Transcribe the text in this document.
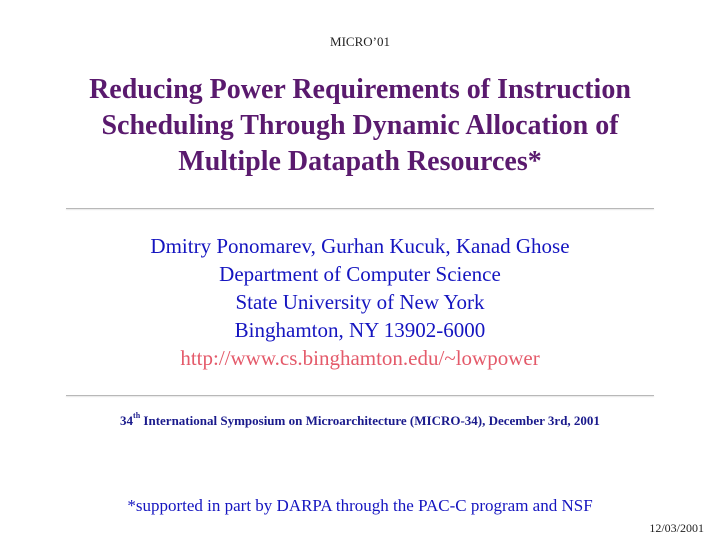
MICRO’01
Reducing Power Requirements of Instruction
Scheduling Through Dynamic Allocation of
Multiple Datapath Resources*
Dmitry Ponomarev, Gurhan Kucuk, Kanad Ghose
Department of Computer Science
State University of New York
Binghamton, NY 13902-6000
http://www.cs.binghamton.edu/~lowpower
34th International Symposium on Microarchitecture (MICRO-34), December 3rd, 2001
*supported in part by DARPA through the PAC-C program and NSF
12/03/2001
